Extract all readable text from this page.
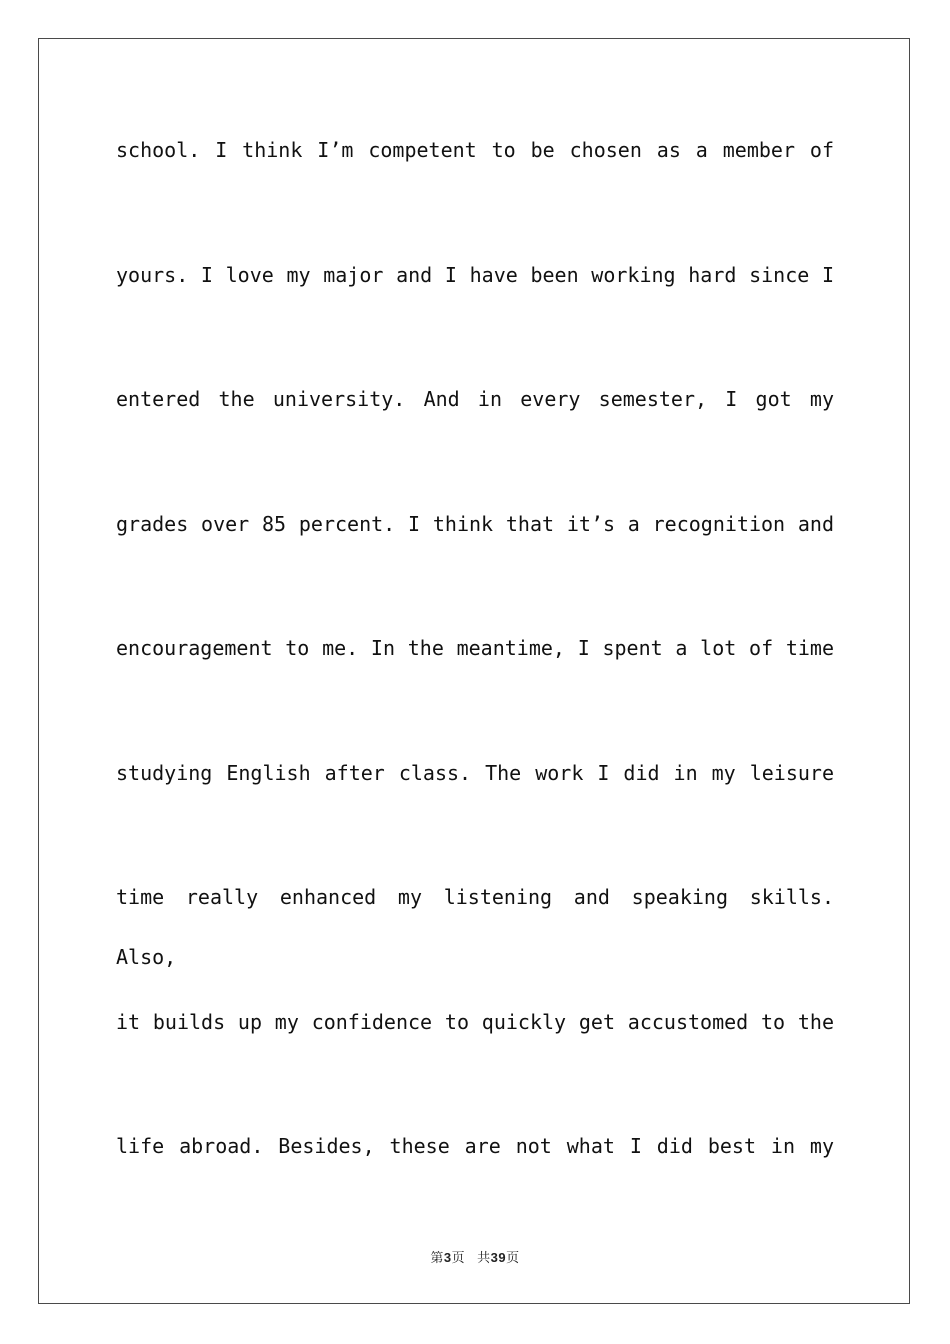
school. I think I’m competent to be chosen as a member of
yours. I love my major and I have been working hard since I
entered the university. And in every semester, I got my
grades over 85 percent. I think that it’s a recognition and
encouragement to me. In the meantime, I spent a lot of time
studying English after class. The work I did in my leisure
time really enhanced my listening and speaking skills. Also,
it builds up my confidence to quickly get accustomed to the
life abroad. Besides, these are not what I did best in my
第3页 共39页
